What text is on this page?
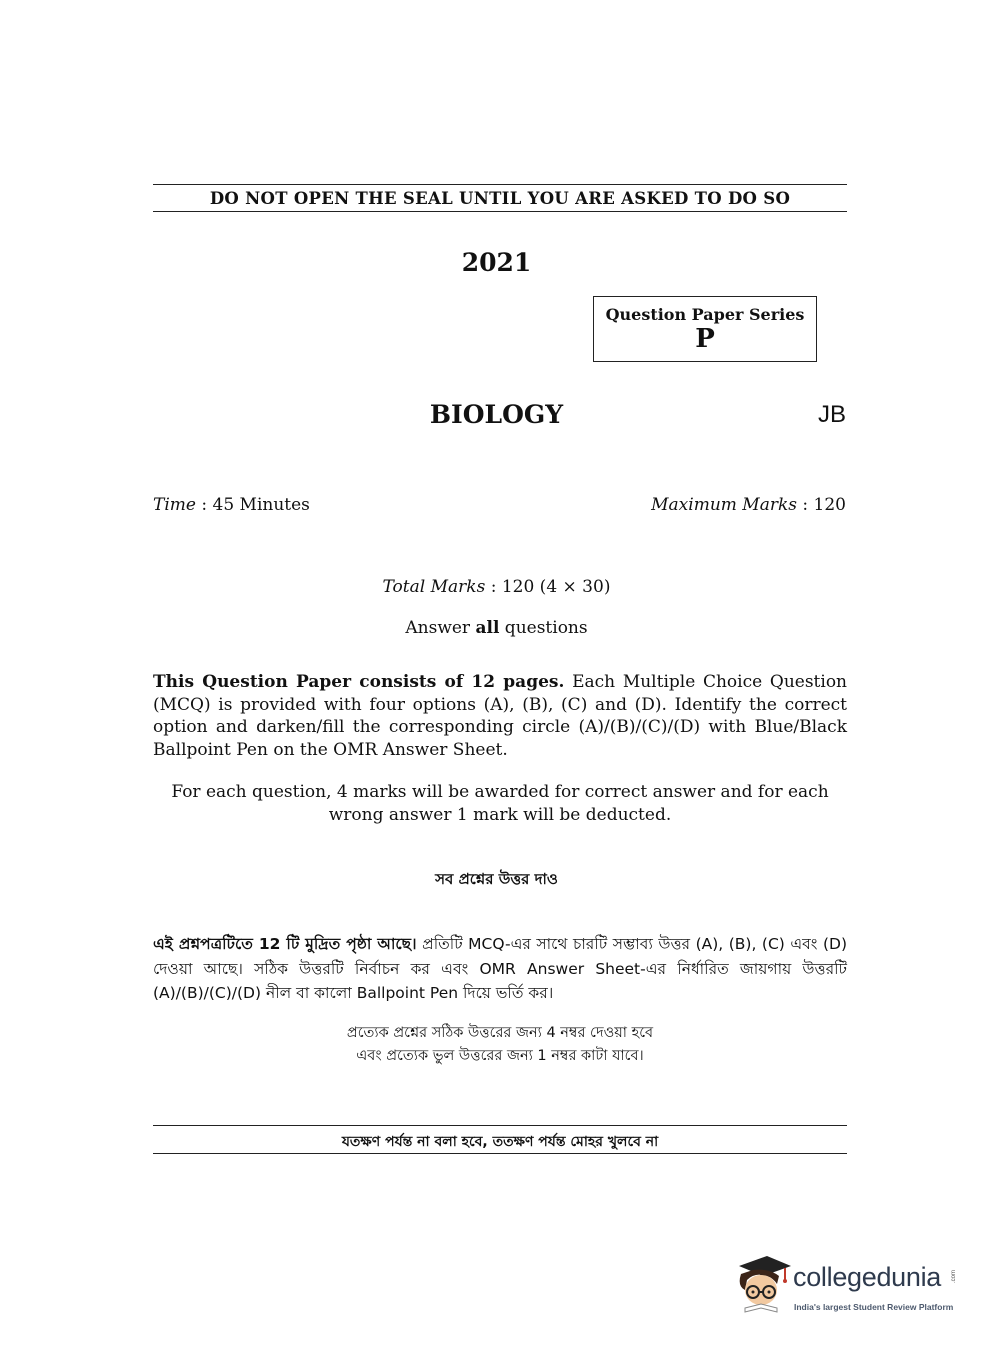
DO NOT OPEN THE SEAL UNTIL YOU ARE ASKED TO DO SO
2021
Question Paper Series
P
BIOLOGY	JB
Time : 45 Minutes	Maximum Marks : 120
Total Marks : 120 (4 × 30)
Answer all questions
This Question Paper consists of 12 pages. Each Multiple Choice Question (MCQ) is provided with four options (A), (B), (C) and (D). Identify the correct option and darken/fill the corresponding circle (A)/(B)/(C)/(D) with Blue/Black Ballpoint Pen on the OMR Answer Sheet.
For each question, 4 marks will be awarded for correct answer and for each
wrong answer 1 mark will be deducted.
সব প্রশ্নের উত্তর দাও
এই প্রশ্নপত্রটিতে 12 টি মুদ্রিত পৃষ্ঠা আছে। প্রতিটি MCQ-এর সাথে চারটি সম্ভাব্য উত্তর (A), (B), (C) এবং (D) দেওয়া আছে। সঠিক উত্তরটি নির্বাচন কর এবং OMR Answer Sheet-এর নির্ধারিত জায়গায় উত্তরটি (A)/(B)/(C)/(D) নীল বা কালো Ballpoint Pen দিয়ে ভর্তি কর।
প্রত্যেক প্রশ্নের সঠিক উত্তরের জন্য 4 নম্বর দেওয়া হবে
এবং প্রত্যেক ভুল উত্তরের জন্য 1 নম্বর কাটা যাবে।
যতক্ষণ পর্যন্ত না বলা হবে, ততক্ষণ পর্যন্ত মোহর খুলবে না
collegedunia .com
India's largest Student Review Platform
